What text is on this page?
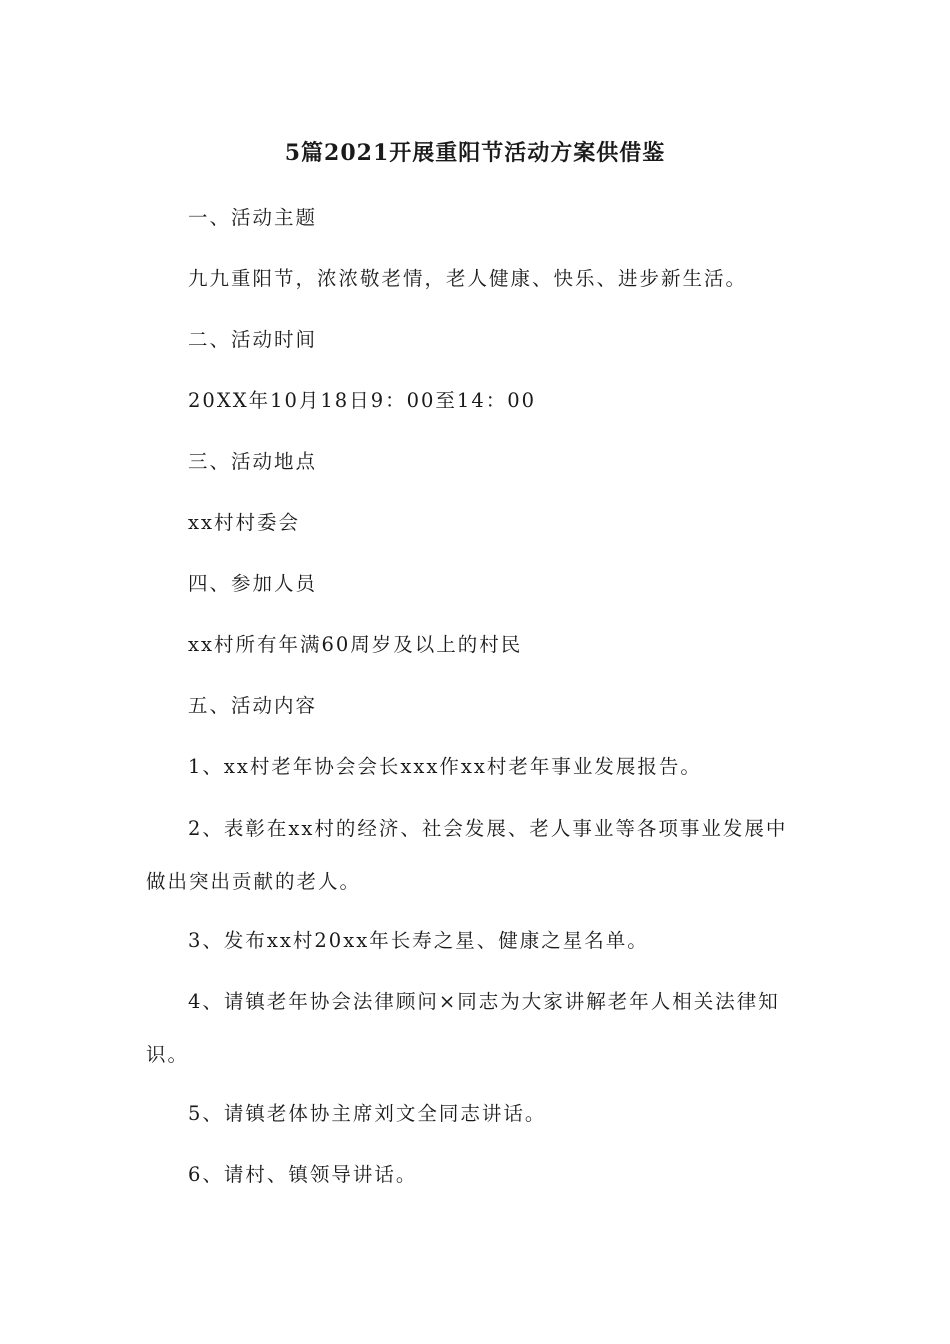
5篇2021开展重阳节活动方案供借鉴

一、活动主题

九九重阳节，浓浓敬老情，老人健康、快乐、进步新生活。

二、活动时间

20XX年10月18日9：00至14：00

三、活动地点

xx村村委会

四、参加人员

xx村所有年满60周岁及以上的村民

五、活动内容

1、xx村老年协会会长xxx作xx村老年事业发展报告。

2、表彰在xx村的经济、社会发展、老人事业等各项事业发展中做出突出贡献的老人。

3、发布xx村20xx年长寿之星、健康之星名单。

4、请镇老年协会法律顾问×同志为大家讲解老年人相关法律知识。

5、请镇老体协主席刘文全同志讲话。

6、请村、镇领导讲话。
